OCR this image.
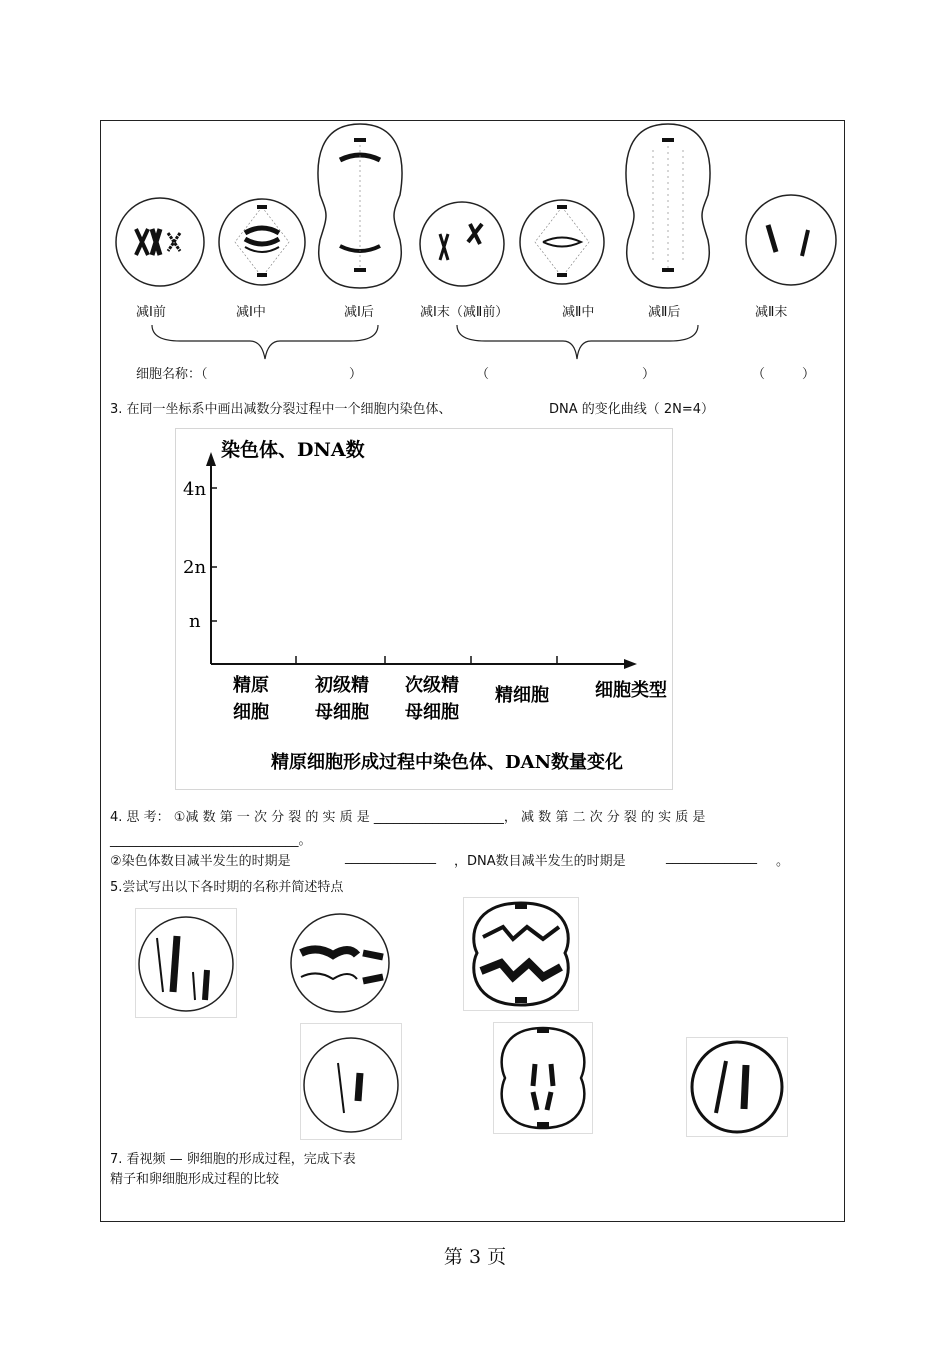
减Ⅰ前	减Ⅰ中	减Ⅰ后	减Ⅰ末（减Ⅱ前）	减Ⅱ中	减Ⅱ后	减Ⅱ末
细胞名称：（	）	（	）	（	）
3. 在同一坐标系中画出减数分裂过程中一个细胞内染色体、	DNA 的变化曲线（ 2N=4）
染色体、DNA数
4n
2n
n
精原
细胞
初级精
母细胞
次级精
母细胞
精细胞	细胞类型
精原细胞形成过程中染色体、DAN数量变化
4. 思 考： ①减 数 第 一 次 分 裂 的 实 质 是 ____________________， 减 数 第 二 次 分 裂 的 实 质 是
_____________________________。
②染色体数目减半发生的时期是	______________ ，DNA数目减半发生的时期是	______________ 。
5.尝试写出以下各时期的名称并简述特点
7. 看视频 — 卵细胞的形成过程，完成下表
精子和卵细胞形成过程的比较
第 3 页
